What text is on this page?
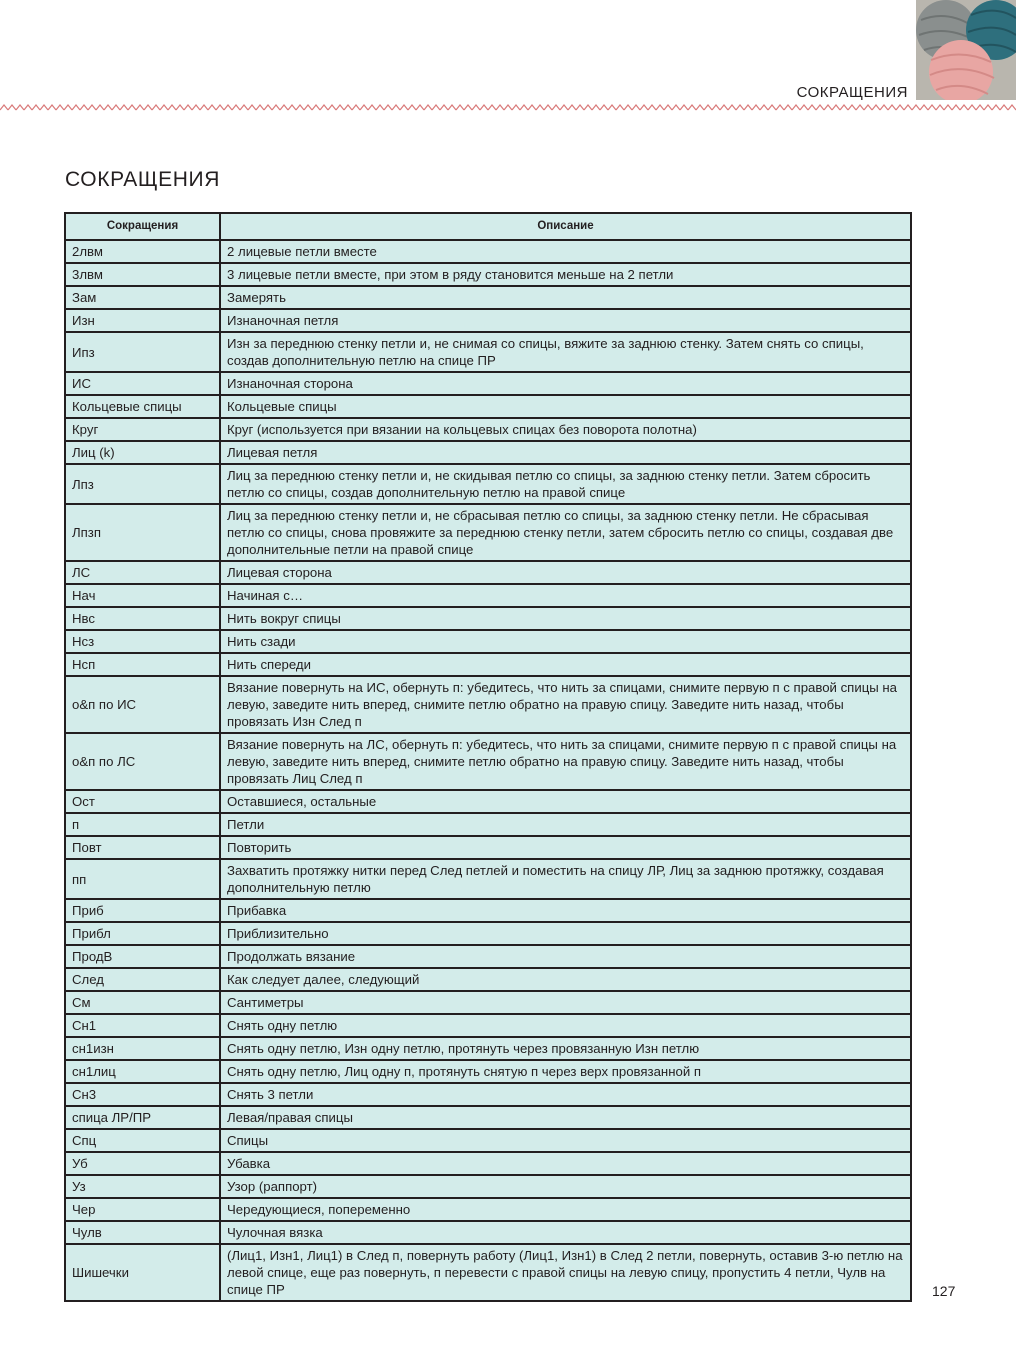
СОКРАЩЕНИЯ
СОКРАЩЕНИЯ
Сокращения	Описание
2лвм	2 лицевые петли вместе
3лвм	3 лицевые петли вместе, при этом в ряду становится меньше на 2 петли
Зам	Замерять
Изн	Изнаночная петля
Ипз	Изн за переднюю стенку петли и, не снимая со спицы, вяжите за заднюю стенку. Затем снять со спицы, создав дополнительную петлю на спице ПР
ИС	Изнаночная сторона
Кольцевые спицы	Кольцевые спицы
Круг	Круг (используется при вязании на кольцевых спицах без поворота полотна)
Лиц (k)	Лицевая петля
Лпз	Лиц за переднюю стенку петли и, не скидывая петлю со спицы, за заднюю стенку петли. Затем сбросить петлю со спицы, создав дополнительную петлю на правой спице
Лпзп	Лиц за переднюю стенку петли и, не сбрасывая петлю со спицы, за заднюю стенку петли. Не сбрасывая петлю со спицы, снова провяжите за переднюю стенку петли, затем сбросить петлю со спицы, создавая две дополнительные петли на правой спице
ЛС	Лицевая сторона
Нач	Начиная с…
Нвс	Нить вокруг спицы
Нсз	Нить сзади
Нсп	Нить спереди
о&п по ИС	Вязание повернуть на ИС, обернуть п: убедитесь, что нить за спицами, снимите первую п с правой спицы на левую, заведите нить вперед, снимите петлю обратно на правую спицу. Заведите нить назад, чтобы провязать Изн След п
о&п по ЛС	Вязание повернуть на ЛС, обернуть п: убедитесь, что нить за спицами, снимите первую п с правой спицы на левую, заведите нить вперед, снимите петлю обратно на правую спицу. Заведите нить назад, чтобы провязать Лиц След п
Ост	Оставшиеся, остальные
п	Петли
Повт	Повторить
пп	Захватить протяжку нитки перед След петлей и поместить на спицу ЛР, Лиц за заднюю протяжку, создавая дополнительную петлю
Приб	Прибавка
Прибл	Приблизительно
ПродВ	Продолжать вязание
След	Как следует далее, следующий
См	Сантиметры
Сн1	Снять одну петлю
сн1изн	Снять одну петлю, Изн одну петлю, протянуть через провязанную Изн петлю
сн1лиц	Снять одну петлю, Лиц одну п, протянуть снятую п через верх провязанной п
Сн3	Снять 3 петли
спица ЛР/ПР	Левая/правая спицы
Спц	Спицы
Уб	Убавка
Уз	Узор (раппорт)
Чер	Чередующиеся, попеременно
Чулв	Чулочная вязка
Шишечки	(Лиц1, Изн1, Лиц1) в След п, повернуть работу (Лиц1, Изн1) в След 2 петли, повернуть, оставив 3-ю петлю на левой спице, еще раз повернуть, п перевести с правой спицы на левую спицу, пропустить 4 петли, Чулв на спице ПР	127
